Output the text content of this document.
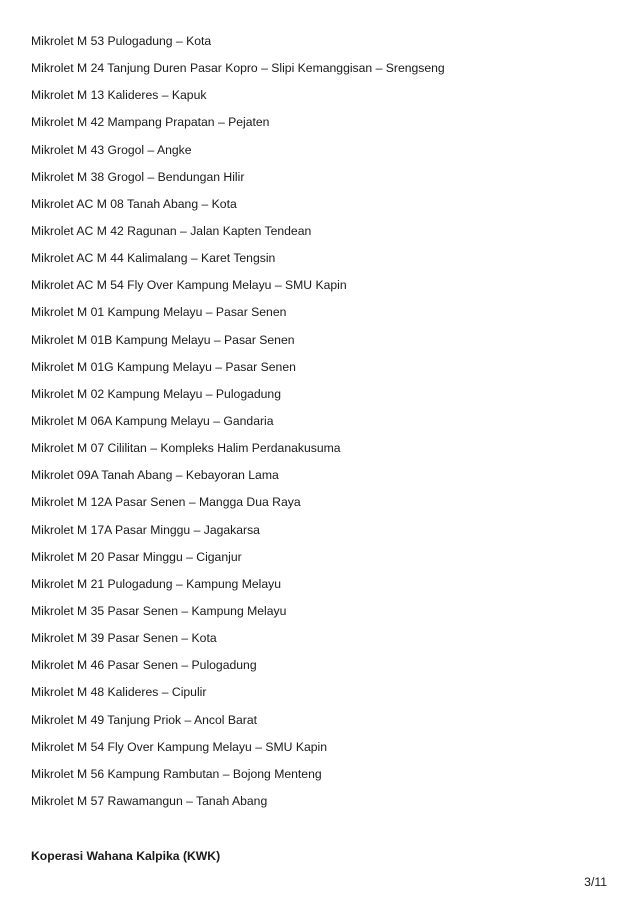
Mikrolet M 53 Pulogadung – Kota
Mikrolet M 24 Tanjung Duren Pasar Kopro – Slipi Kemanggisan – Srengseng
Mikrolet M 13 Kalideres – Kapuk
Mikrolet M 42 Mampang Prapatan – Pejaten
Mikrolet M 43 Grogol – Angke
Mikrolet M 38 Grogol – Bendungan Hilir
Mikrolet AC M 08 Tanah Abang – Kota
Mikrolet AC M 42 Ragunan – Jalan Kapten Tendean
Mikrolet AC M 44 Kalimalang – Karet Tengsin
Mikrolet AC M 54 Fly Over Kampung Melayu – SMU Kapin
Mikrolet M 01 Kampung Melayu – Pasar Senen
Mikrolet M 01B Kampung Melayu – Pasar Senen
Mikrolet M 01G Kampung Melayu – Pasar Senen
Mikrolet M 02 Kampung Melayu – Pulogadung
Mikrolet M 06A Kampung Melayu – Gandaria
Mikrolet M 07 Cililitan – Kompleks Halim Perdanakusuma
Mikrolet 09A Tanah Abang – Kebayoran Lama
Mikrolet M 12A Pasar Senen – Mangga Dua Raya
Mikrolet M 17A Pasar Minggu – Jagakarsa
Mikrolet M 20 Pasar Minggu – Ciganjur
Mikrolet M 21 Pulogadung – Kampung Melayu
Mikrolet M 35 Pasar Senen – Kampung Melayu
Mikrolet M 39 Pasar Senen – Kota
Mikrolet M 46 Pasar Senen – Pulogadung
Mikrolet M 48 Kalideres – Cipulir
Mikrolet M 49 Tanjung Priok – Ancol Barat
Mikrolet M 54 Fly Over Kampung Melayu – SMU Kapin
Mikrolet M 56 Kampung Rambutan – Bojong Menteng
Mikrolet M 57 Rawamangun – Tanah Abang
Koperasi Wahana Kalpika (KWK)
3/11
